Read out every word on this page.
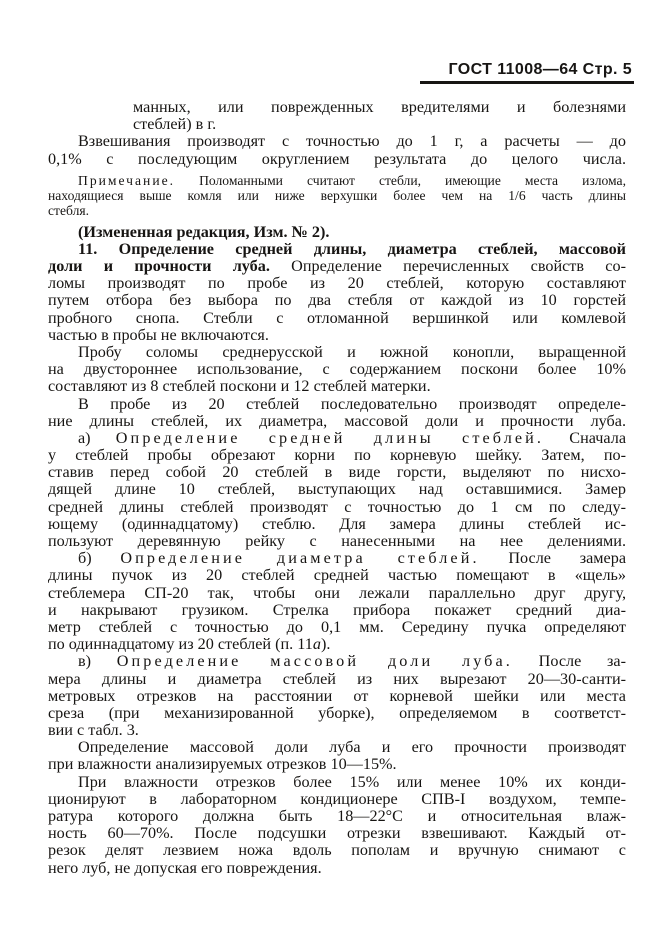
ГОСТ 11008—64 Стр. 5
манных, или поврежденных вредителями и болезнями
стеблей) в г.
Взвешивания производят с точностью до 1 г, а расчеты — до
0,1% с последующим округлением результата до целого числа.
Примечание. Поломанными считают стебли, имеющие места излома,
находящиеся выше комля или ниже верхушки более чем на 1/6 часть длины
стебля.
(Измененная редакция, Изм. № 2).
11. Определение средней длины, диаметра стеблей, массовой
доли и прочности луба. Определение перечисленных свойств со-
ломы производят по пробе из 20 стеблей, которую составляют
путем отбора без выбора по два стебля от каждой из 10 горстей
пробного снопа. Стебли с отломанной вершинкой или комлевой
частью в пробы не включаются.
Пробу соломы среднерусской и южной конопли, выращенной
на двустороннее использование, с содержанием поскони более 10%
составляют из 8 стеблей поскони и 12 стеблей матерки.
В пробе из 20 стеблей последовательно производят определе-
ние длины стеблей, их диаметра, массовой доли и прочности луба.
а) Определение средней длины стеблей. Сначала
у стеблей пробы обрезают корни по корневую шейку. Затем, по-
ставив перед собой 20 стеблей в виде горсти, выделяют по нисхо-
дящей длине 10 стеблей, выступающих над оставшимися. Замер
средней длины стеблей производят с точностью до 1 см по следу-
ющему (одиннадцатому) стеблю. Для замера длины стеблей ис-
пользуют деревянную рейку с нанесенными на нее делениями.
б) Определение диаметра стеблей. После замера
длины пучок из 20 стеблей средней частью помещают в «щель»
стеблемера СП-20 так, чтобы они лежали параллельно друг другу,
и накрывают грузиком. Стрелка прибора покажет средний диа-
метр стеблей с точностью до 0,1 мм. Середину пучка определяют
по одиннадцатому из 20 стеблей (п. 11а).
в) Определение массовой доли луба. После за-
мера длины и диаметра стеблей из них вырезают 20—30-санти-
метровых отрезков на расстоянии от корневой шейки или места
среза (при механизированной уборке), определяемом в соответст-
вии с табл. 3.
Определение массовой доли луба и его прочности производят
при влажности анализируемых отрезков 10—15%.
При влажности отрезков более 15% или менее 10% их конди-
ционируют в лабораторном кондиционере СПВ-I воздухом, темпе-
ратура которого должна быть 18—22°С и относительная влаж-
ность 60—70%. После подсушки отрезки взвешивают. Каждый от-
резок делят лезвием ножа вдоль пополам и вручную снимают с
него луб, не допуская его повреждения.
